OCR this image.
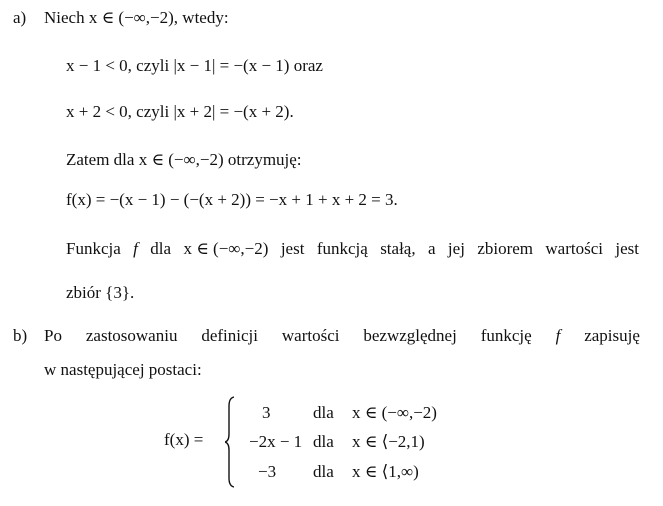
a) Niech x ∈ (−∞,−2), wtedy:
x − 1 < 0, czyli |x − 1| = −(x − 1) oraz
x + 2 < 0, czyli |x + 2| = −(x + 2).
Zatem dla x ∈ (−∞,−2) otrzymuję:
f(x) = −(x − 1) − (−(x + 2)) = −x + 1 + x + 2 = 3.
Funkcja f dla x ∈ (−∞,−2) jest funkcją stałą, a jej zbiorem wartości jest
zbiór {3}.
b) Po zastosowaniu definicji wartości bezwzględnej funkcję f zapisuję
w następującej postaci:
f(x) =
3	dla x ∈ (−∞,−2)
−2x − 1 dla x ∈ ⟨−2,1)
−3 dla x ∈ ⟨1,∞)
